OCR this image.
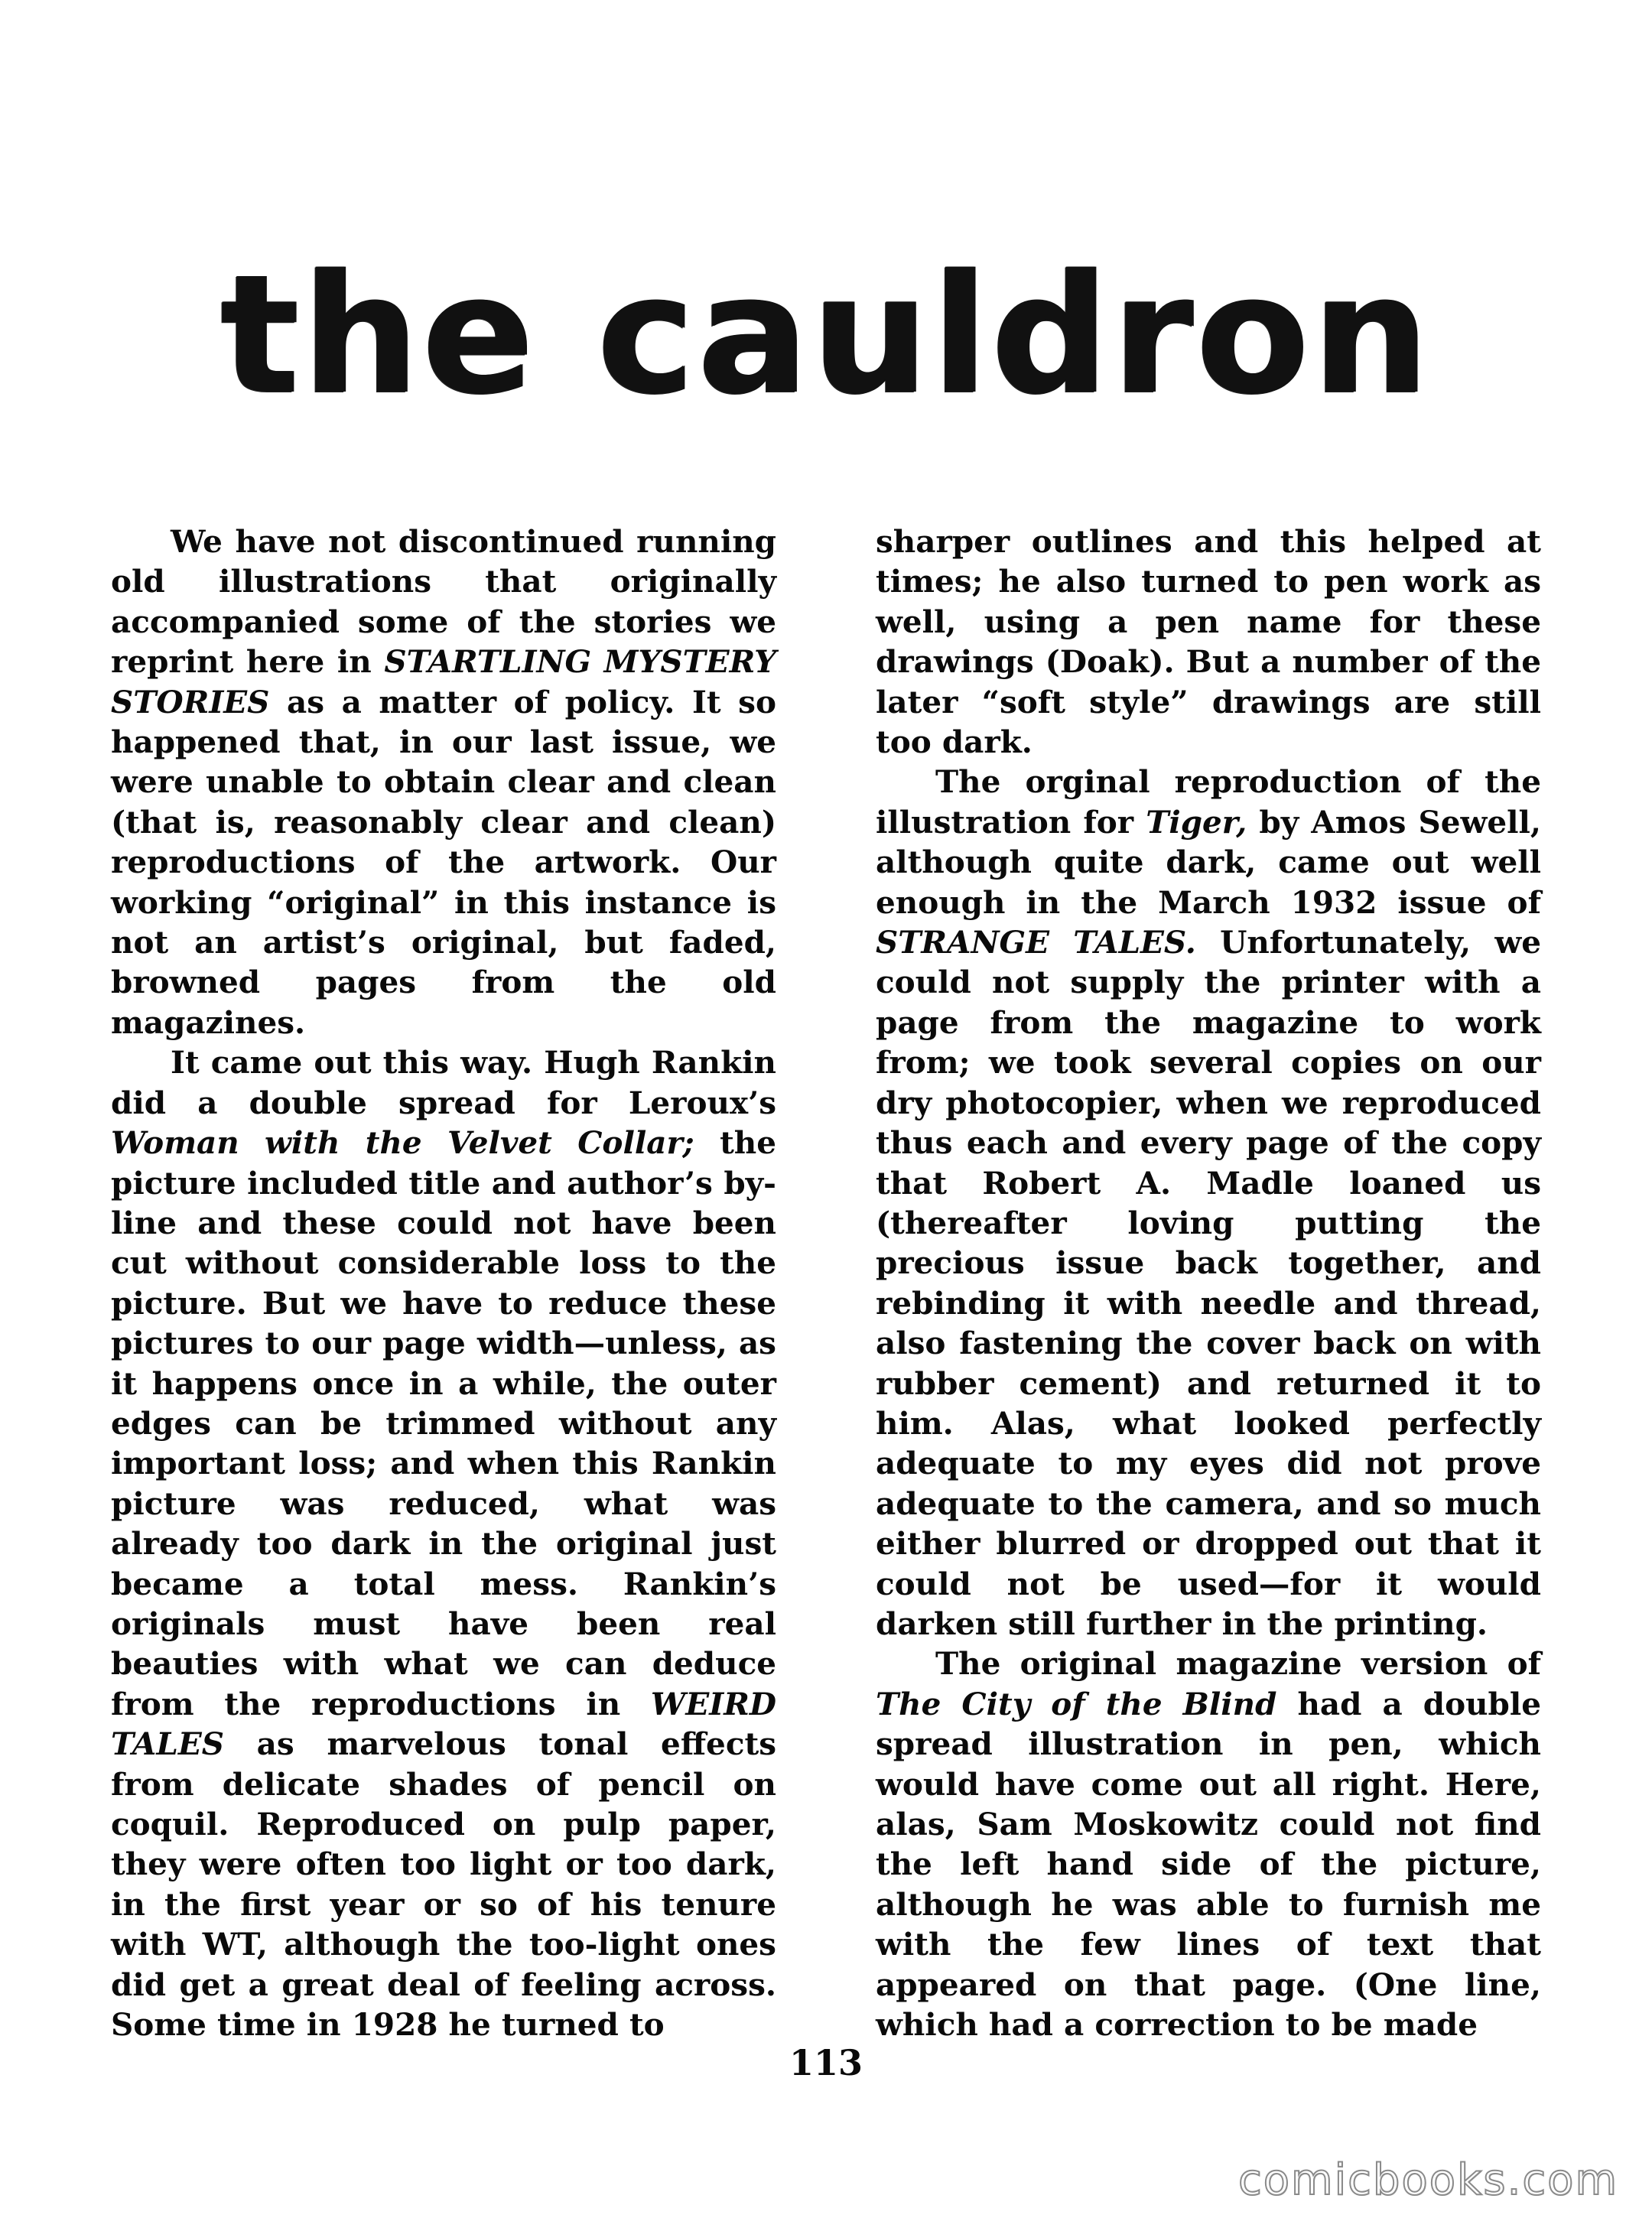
the cauldron

We have not discontinued running old illustrations that originally accompanied some of the stories we reprint here in STARTLING MYSTERY STORIES as a matter of policy. It so happened that, in our last issue, we were unable to obtain clear and clean (that is, reasonably clear and clean) reproductions of the artwork. Our working “original” in this instance is not an artist’s original, but faded, browned pages from the old magazines.

It came out this way. Hugh Rankin did a double spread for Leroux’s Woman with the Velvet Collar; the picture included title and author’s by-line and these could not have been cut without considerable loss to the picture. But we have to reduce these pictures to our page width—unless, as it happens once in a while, the outer edges can be trimmed without any important loss; and when this Rankin picture was reduced, what was already too dark in the original just became a total mess. Rankin’s originals must have been real beauties with what we can deduce from the reproductions in WEIRD TALES as marvelous tonal effects from delicate shades of pencil on coquil. Reproduced on pulp paper, they were often too light or too dark, in the first year or so of his tenure with WT, although the too-light ones did get a great deal of feeling across. Some time in 1928 he turned to

sharper outlines and this helped at times; he also turned to pen work as well, using a pen name for these drawings (Doak). But a number of the later “soft style” drawings are still too dark.

The orginal reproduction of the illustration for Tiger, by Amos Sewell, although quite dark, came out well enough in the March 1932 issue of STRANGE TALES. Unfortunately, we could not supply the printer with a page from the magazine to work from; we took several copies on our dry photocopier, when we reproduced thus each and every page of the copy that Robert A. Madle loaned us (thereafter loving putting the precious issue back together, and rebinding it with needle and thread, also fastening the cover back on with rubber cement) and returned it to him. Alas, what looked perfectly adequate to my eyes did not prove adequate to the camera, and so much either blurred or dropped out that it could not be used—for it would darken still further in the printing.

The original magazine version of The City of the Blind had a double spread illustration in pen, which would have come out all right. Here, alas, Sam Moskowitz could not find the left hand side of the picture, although he was able to furnish me with the few lines of text that appeared on that page. (One line, which had a correction to be made

113
comicbooks.com
